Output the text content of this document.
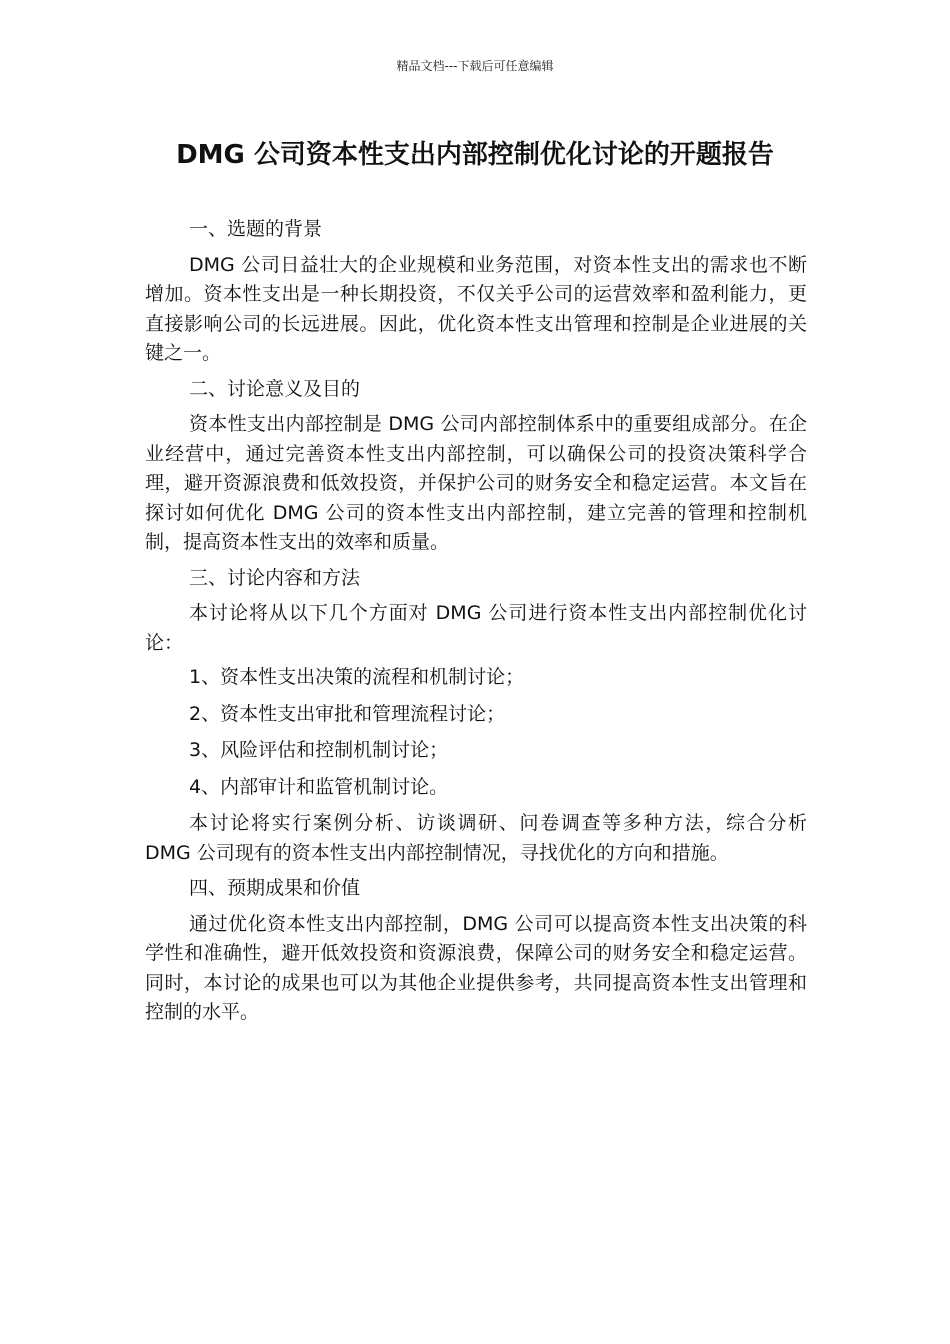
精品文档---下载后可任意编辑
DMG 公司资本性支出内部控制优化讨论的开题报告

一、选题的背景

DMG 公司日益壮大的企业规模和业务范围，对资本性支出的需求也不断增加。资本性支出是一种长期投资，不仅关乎公司的运营效率和盈利能力，更直接影响公司的长远进展。因此，优化资本性支出管理和控制是企业进展的关键之一。

二、讨论意义及目的

资本性支出内部控制是 DMG 公司内部控制体系中的重要组成部分。在企业经营中，通过完善资本性支出内部控制，可以确保公司的投资决策科学合理，避开资源浪费和低效投资，并保护公司的财务安全和稳定运营。本文旨在探讨如何优化 DMG 公司的资本性支出内部控制，建立完善的管理和控制机制，提高资本性支出的效率和质量。

三、讨论内容和方法

本讨论将从以下几个方面对 DMG 公司进行资本性支出内部控制优化讨论：

1、资本性支出决策的流程和机制讨论；

2、资本性支出审批和管理流程讨论；

3、风险评估和控制机制讨论；

4、内部审计和监管机制讨论。

本讨论将实行案例分析、访谈调研、问卷调查等多种方法，综合分析 DMG 公司现有的资本性支出内部控制情况，寻找优化的方向和措施。

四、预期成果和价值

通过优化资本性支出内部控制，DMG 公司可以提高资本性支出决策的科学性和准确性，避开低效投资和资源浪费，保障公司的财务安全和稳定运营。同时，本讨论的成果也可以为其他企业提供参考，共同提高资本性支出管理和控制的水平。
